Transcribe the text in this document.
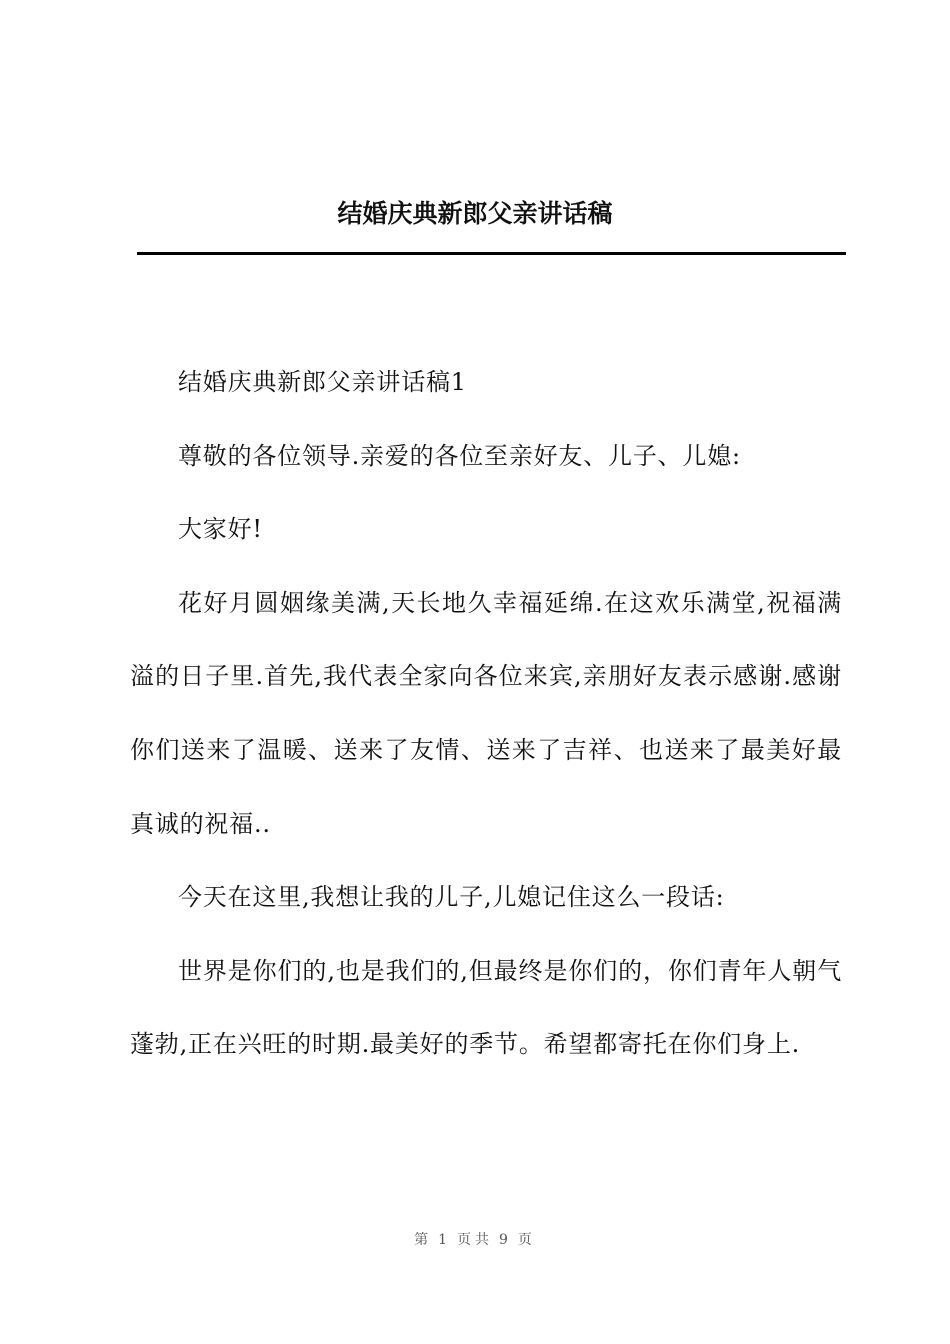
结婚庆典新郎父亲讲话稿

结婚庆典新郎父亲讲话稿1

尊敬的各位领导.亲爱的各位至亲好友、儿子、儿媳:

大家好!

花好月圆姻缘美满,天长地久幸福延绵.在这欢乐满堂,祝福满溢的日子里.首先,我代表全家向各位来宾,亲朋好友表示感谢.感谢你们送来了温暖、送来了友情、送来了吉祥、也送来了最美好最真诚的祝福..

今天在这里,我想让我的儿子,儿媳记住这么一段话:

世界是你们的,也是我们的,但最终是你们的，你们青年人朝气蓬勃,正在兴旺的时期.最美好的季节。希望都寄托在你们身上.

第 1 页共 9 页
